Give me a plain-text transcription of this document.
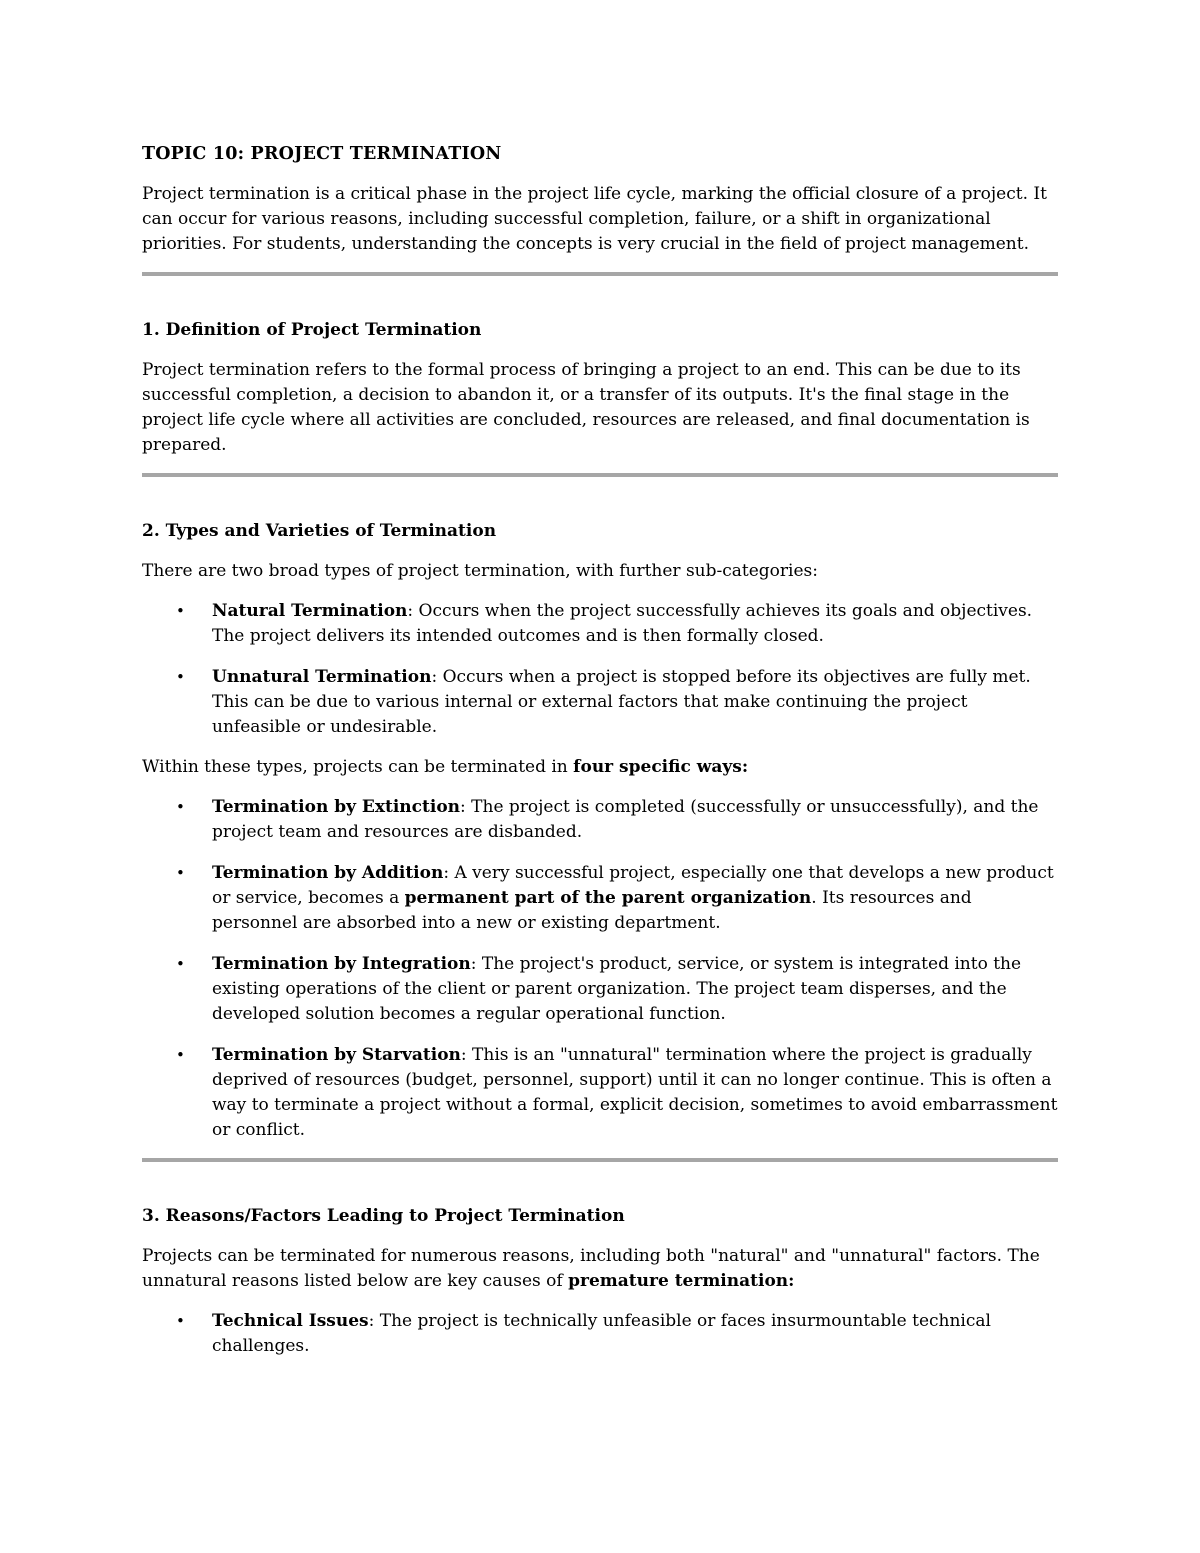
TOPIC 10: PROJECT TERMINATION

Project termination is a critical phase in the project life cycle, marking the official closure of a project. It can occur for various reasons, including successful completion, failure, or a shift in organizational priorities. For students, understanding the concepts is very crucial in the field of project management.

1. Definition of Project Termination

Project termination refers to the formal process of bringing a project to an end. This can be due to its successful completion, a decision to abandon it, or a transfer of its outputs. It's the final stage in the project life cycle where all activities are concluded, resources are released, and final documentation is prepared.

2. Types and Varieties of Termination

There are two broad types of project termination, with further sub-categories:

• Natural Termination: Occurs when the project successfully achieves its goals and objectives. The project delivers its intended outcomes and is then formally closed.
• Unnatural Termination: Occurs when a project is stopped before its objectives are fully met. This can be due to various internal or external factors that make continuing the project unfeasible or undesirable.

Within these types, projects can be terminated in four specific ways:

• Termination by Extinction: The project is completed (successfully or unsuccessfully), and the project team and resources are disbanded.
• Termination by Addition: A very successful project, especially one that develops a new product or service, becomes a permanent part of the parent organization. Its resources and personnel are absorbed into a new or existing department.
• Termination by Integration: The project's product, service, or system is integrated into the existing operations of the client or parent organization. The project team disperses, and the developed solution becomes a regular operational function.
• Termination by Starvation: This is an "unnatural" termination where the project is gradually deprived of resources (budget, personnel, support) until it can no longer continue. This is often a way to terminate a project without a formal, explicit decision, sometimes to avoid embarrassment or conflict.
3. Reasons/Factors Leading to Project Termination

Projects can be terminated for numerous reasons, including both "natural" and "unnatural" factors. The unnatural reasons listed below are key causes of premature termination:

• Technical Issues: The project is technically unfeasible or faces insurmountable technical challenges.
